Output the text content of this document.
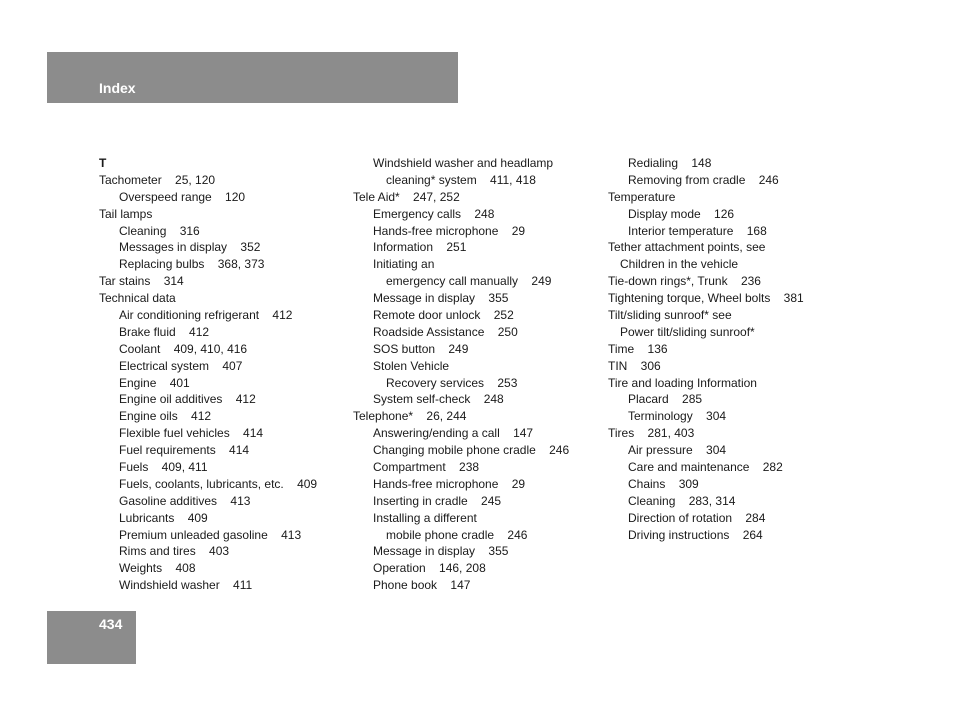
Index
T
Tachometer    25, 120
Overspeed range    120
Tail lamps
Cleaning    316
Messages in display    352
Replacing bulbs    368, 373
Tar stains    314
Technical data
Air conditioning refrigerant    412
Brake fluid    412
Coolant    409, 410, 416
Electrical system    407
Engine    401
Engine oil additives    412
Engine oils    412
Flexible fuel vehicles    414
Fuel requirements    414
Fuels    409, 411
Fuels, coolants, lubricants, etc.    409
Gasoline additives    413
Lubricants    409
Premium unleaded gasoline    413
Rims and tires    403
Weights    408
Windshield washer    411
Windshield washer and headlamp
cleaning* system    411, 418
Tele Aid*    247, 252
Emergency calls    248
Hands-free microphone    29
Information    251
Initiating an
emergency call manually    249
Message in display    355
Remote door unlock    252
Roadside Assistance    250
SOS button    249
Stolen Vehicle
Recovery services    253
System self-check    248
Telephone*    26, 244
Answering/ending a call    147
Changing mobile phone cradle    246
Compartment    238
Hands-free microphone    29
Inserting in cradle    245
Installing a different
mobile phone cradle    246
Message in display    355
Operation    146, 208
Phone book    147
Redialing    148
Removing from cradle    246
Temperature
Display mode    126
Interior temperature    168
Tether attachment points, see
Children in the vehicle
Tie-down rings*, Trunk    236
Tightening torque, Wheel bolts    381
Tilt/sliding sunroof* see
Power tilt/sliding sunroof*
Time    136
TIN    306
Tire and loading Information
Placard    285
Terminology    304
Tires    281, 403
Air pressure    304
Care and maintenance    282
Chains    309
Cleaning    283, 314
Direction of rotation    284
Driving instructions    264
434
